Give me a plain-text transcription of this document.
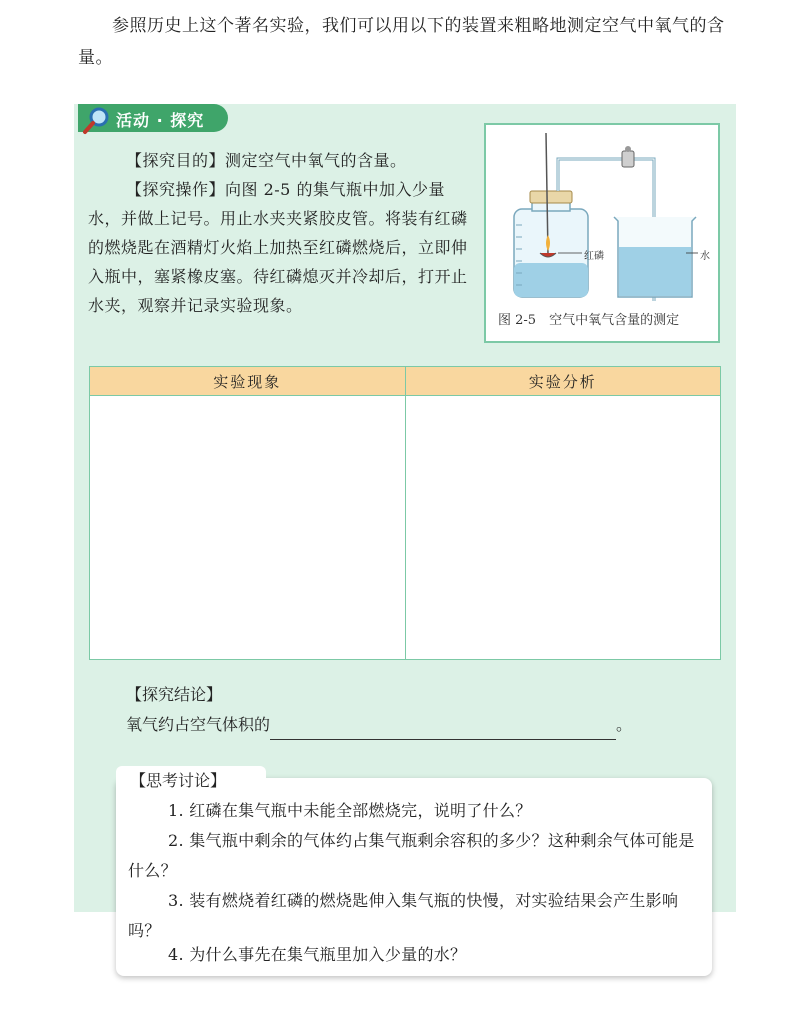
参照历史上这个著名实验，我们可以用以下的装置来粗略地测定空气中氧气的含量。
活动 · 探究

【探究目的】测定空气中氧气的含量。

【探究操作】向图 2-5 的集气瓶中加入少量水，并做上记号。用止水夹夹紧胶皮管。将装有红磷的燃烧匙在酒精灯火焰上加热至红磷燃烧后，立即伸入瓶中，塞紧橡皮塞。待红磷熄灭并冷却后，打开止水夹，观察并记录实验现象。

红磷	水
图 2-5　空气中氧气含量的测定
实验现象	实验分析

【探究结论】
氧气约占空气体积的	。
【思考讨论】

1. 红磷在集气瓶中未能全部燃烧完，说明了什么？

2. 集气瓶中剩余的气体约占集气瓶剩余容积的多少？这种剩余气体可能是什么？

3. 装有燃烧着红磷的燃烧匙伸入集气瓶的快慢，对实验结果会产生影响吗？

4. 为什么事先在集气瓶里加入少量的水？
